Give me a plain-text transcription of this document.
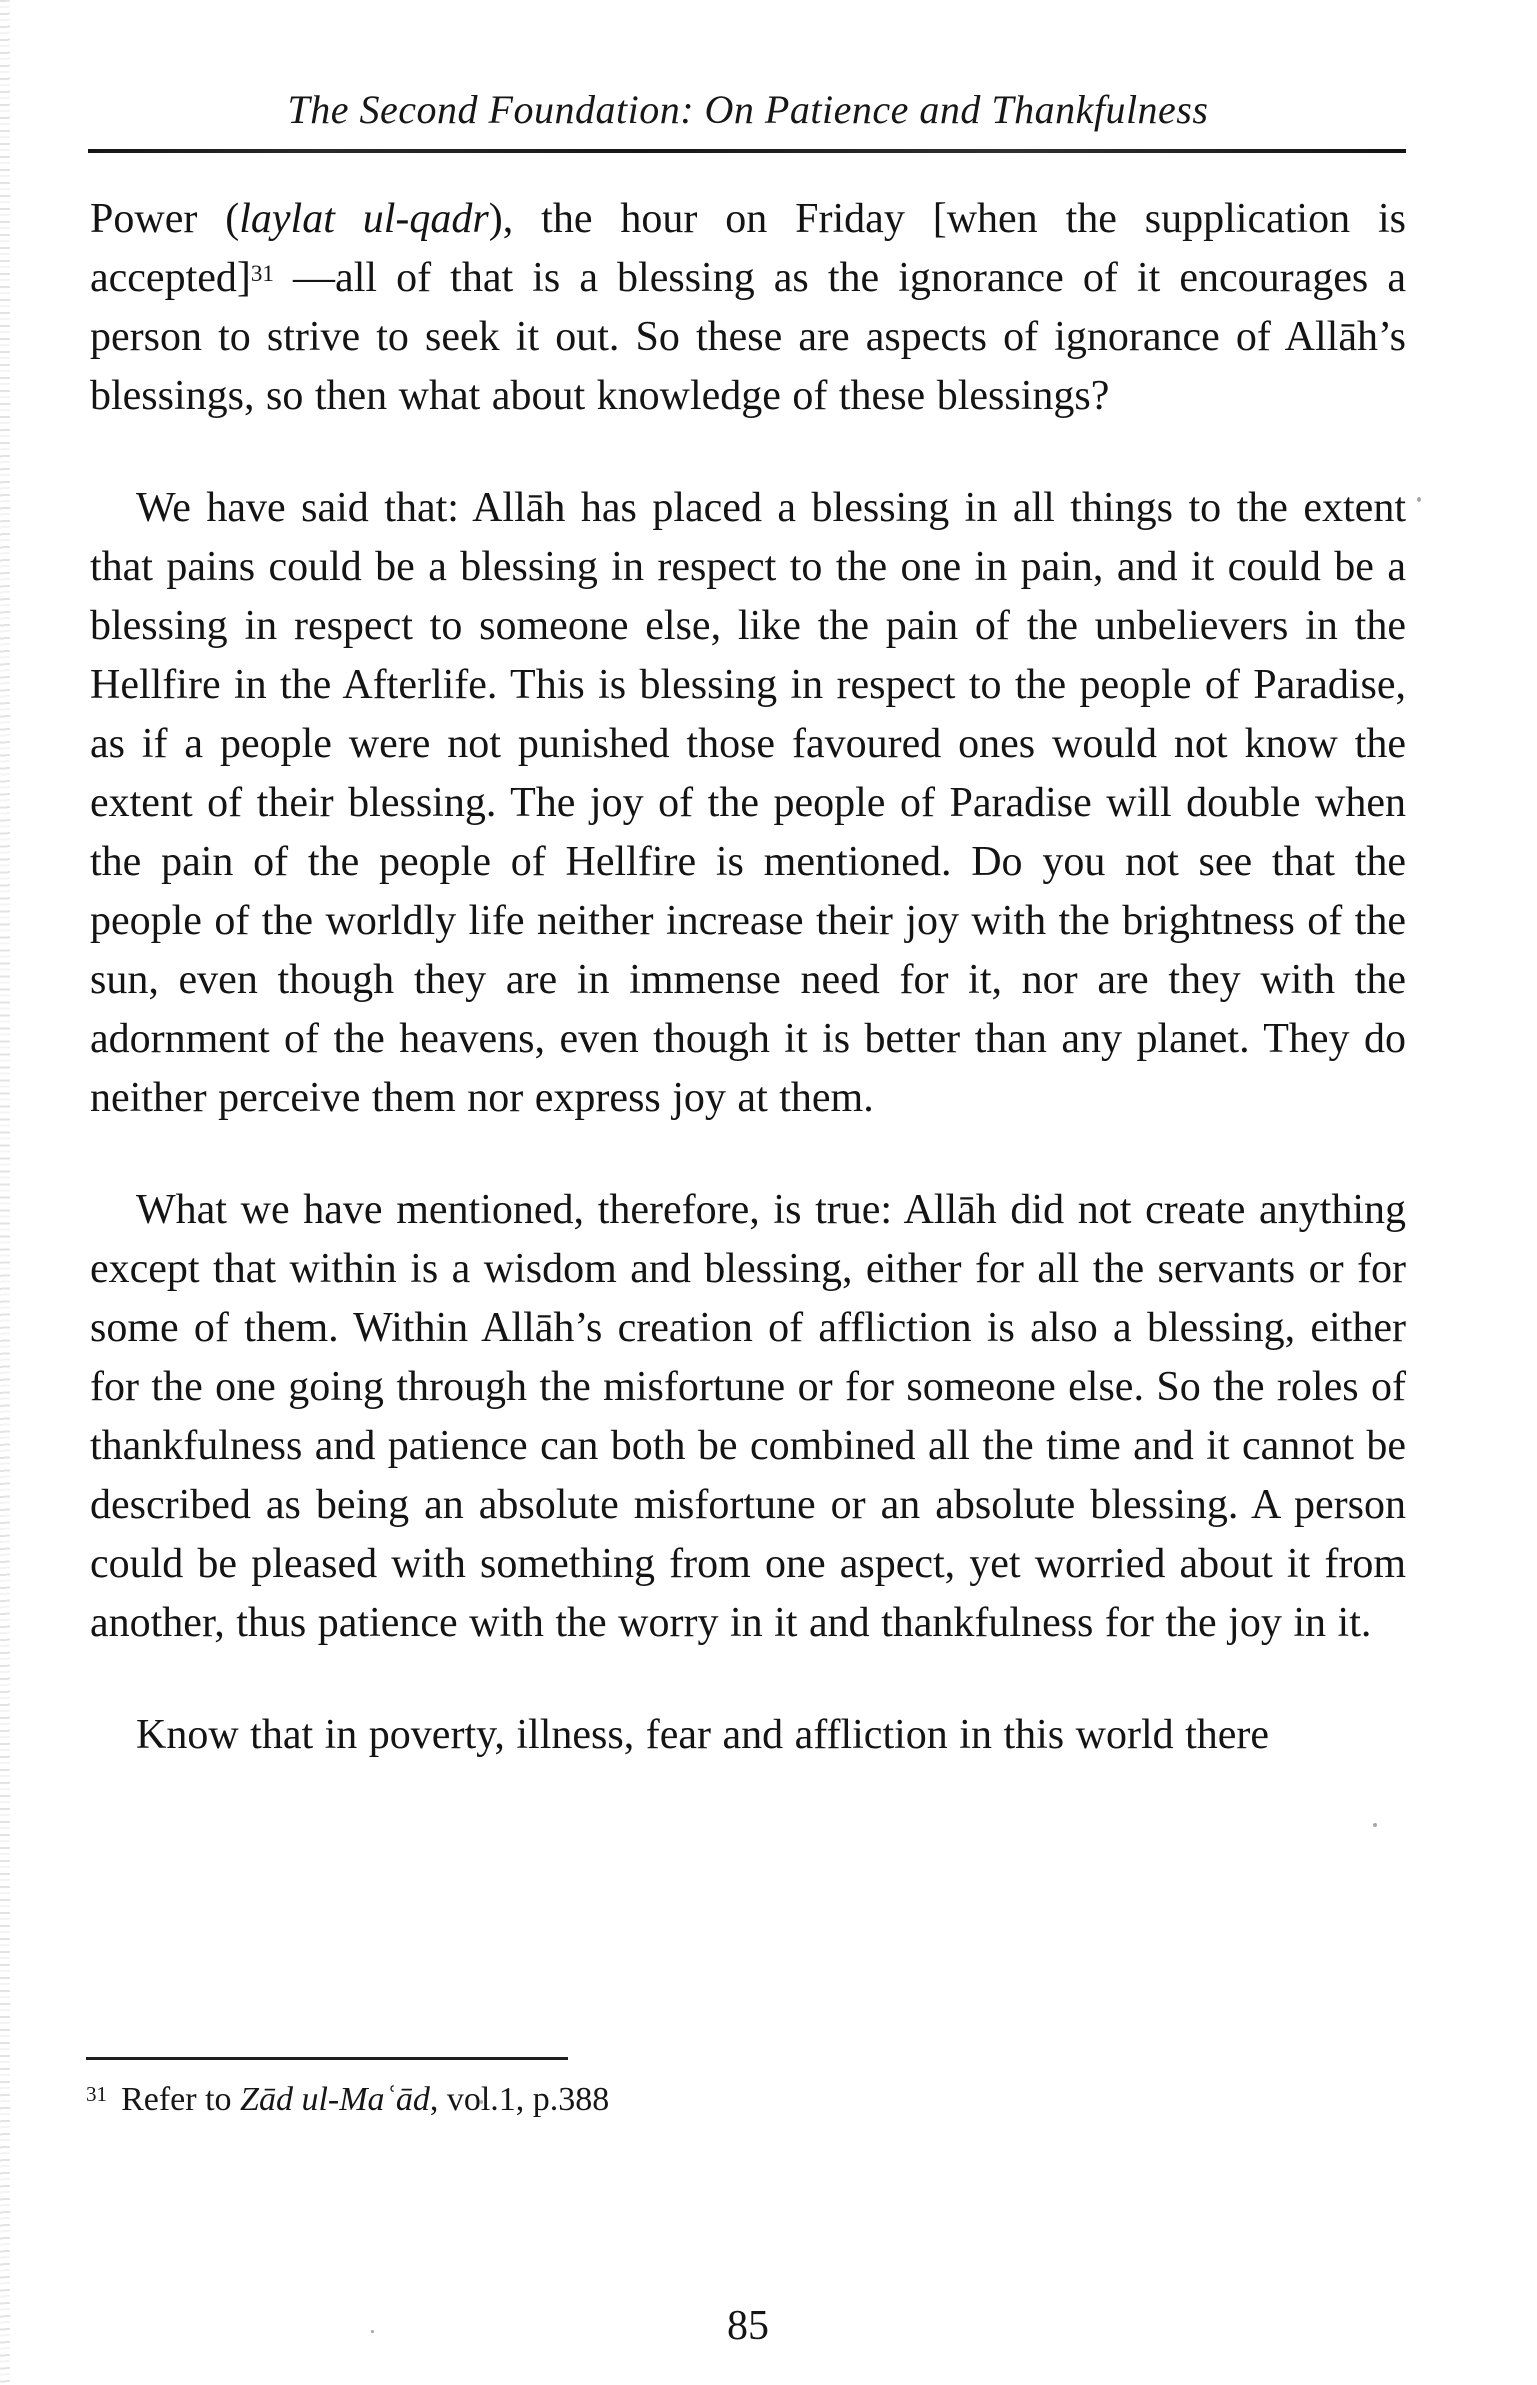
The Second Foundation: On Patience and Thankfulness

Power (laylat ul-qadr), the hour on Friday [when the supplication is accepted]$^{31}$ —all of that is a blessing as the ignorance of it encourages a person to strive to seek it out. So these are aspects of ignorance of Allāh’s blessings, so then what about knowledge of these blessings?

We have said that: Allāh has placed a blessing in all things to the extent that pains could be a blessing in respect to the one in pain, and it could be a blessing in respect to someone else, like the pain of the unbelievers in the Hellfire in the Afterlife. This is blessing in respect to the people of Paradise, as if a people were not punished those favoured ones would not know the extent of their blessing. The joy of the people of Paradise will double when the pain of the people of Hellfire is mentioned. Do you not see that the people of the worldly life neither increase their joy with the brightness of the sun, even though they are in immense need for it, nor are they with the adornment of the heavens, even though it is better than any planet. They do neither perceive them nor express joy at them.

What we have mentioned, therefore, is true: Allāh did not create anything except that within is a wisdom and blessing, either for all the servants or for some of them. Within Allāh’s creation of affliction is also a blessing, either for the one going through the misfortune or for someone else. So the roles of thankfulness and patience can both be combined all the time and it cannot be described as being an absolute misfortune or an absolute blessing. A person could be pleased with something from one aspect, yet worried about it from another, thus patience with the worry in it and thankfulness for the joy in it.

Know that in poverty, illness, fear and affliction in this world there

$^{31}$ Refer to Zād ul-Maʿād, vol.1, p.388
85
